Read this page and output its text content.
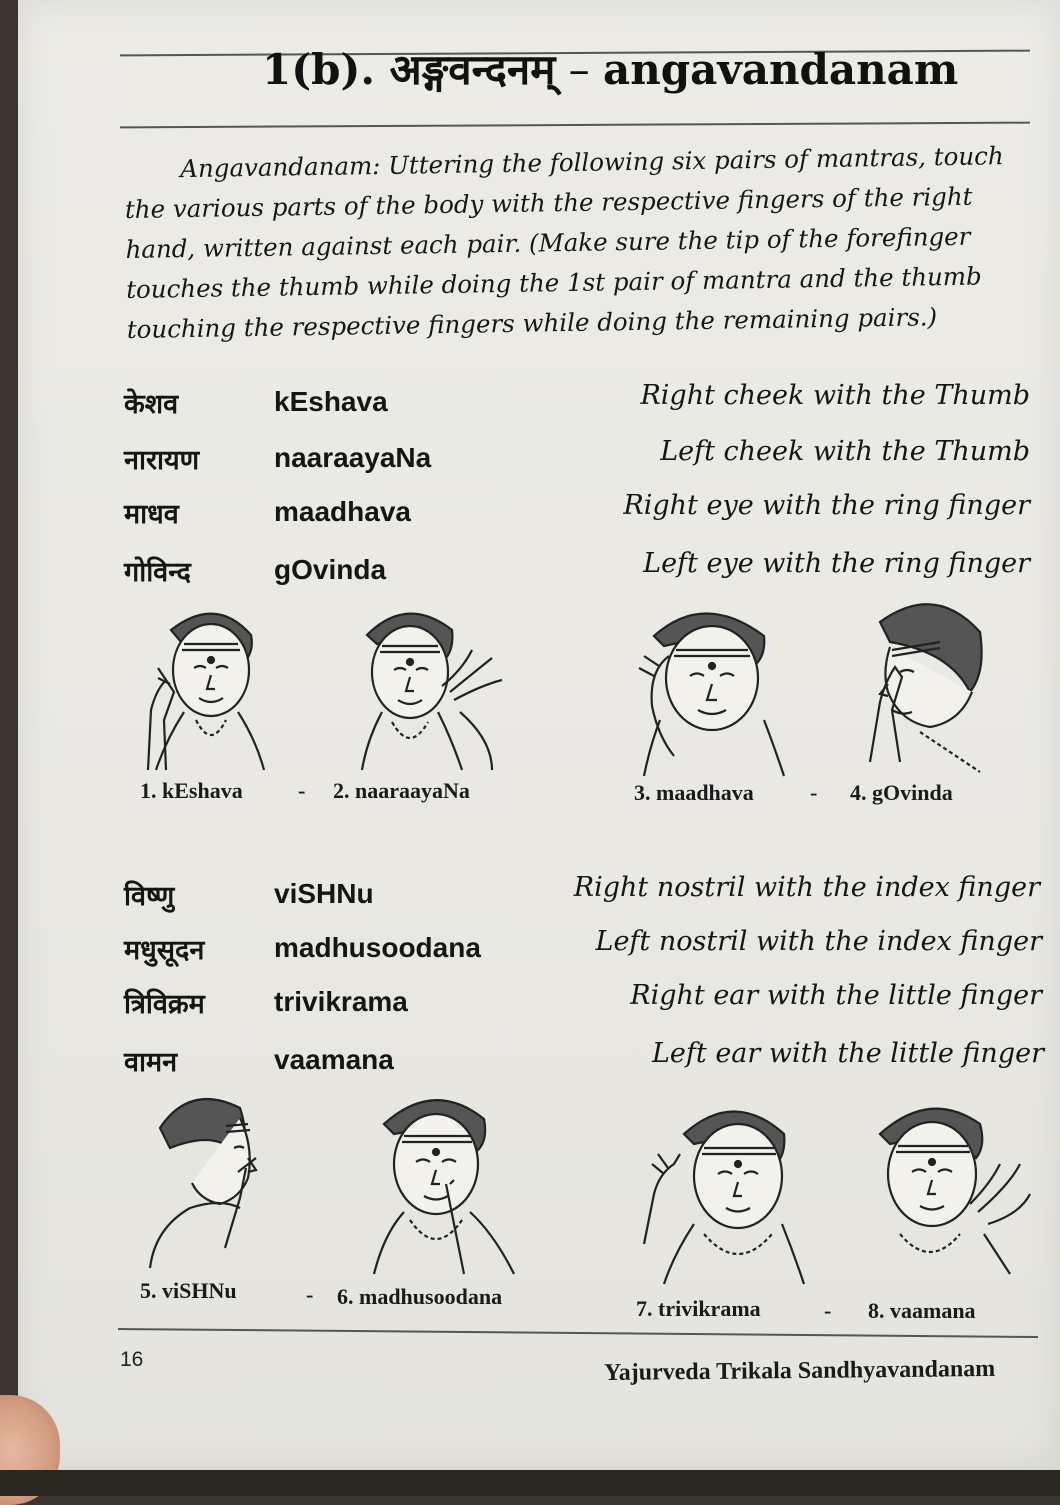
1(b). अङ्गवन्दनम् – angavandanam

Angavandanam: Uttering the following six pairs of mantras, touch the various parts of the body with the respective fingers of the right hand, written against each pair. (Make sure the tip of the forefinger touches the thumb while doing the 1st pair of mantra and the thumb touching the respective fingers while doing the remaining pairs.)

केशव	kEshava	Right cheek with the Thumb
नारायण	naaraayaNa	Left cheek with the Thumb
माधव	maadhava	Right eye with the ring finger
गोविन्द	gOvinda	Left eye with the ring finger
1. kEshava	- 2. naaraayaNa	3. maadhava	- 4. gOvinda
विष्णु	viSHNu	Right nostril with the index finger
मधुसूदन madhusoodana	Left nostril with the index finger
त्रिविक्रम trivikrama	Right ear with the little finger
वामन	vaamana	Left ear with the little finger
5. viSHNu	- 6. madhusoodana	7. trivikrama	- 8. vaamana
16	Yajurveda Trikala Sandhyavandanam
